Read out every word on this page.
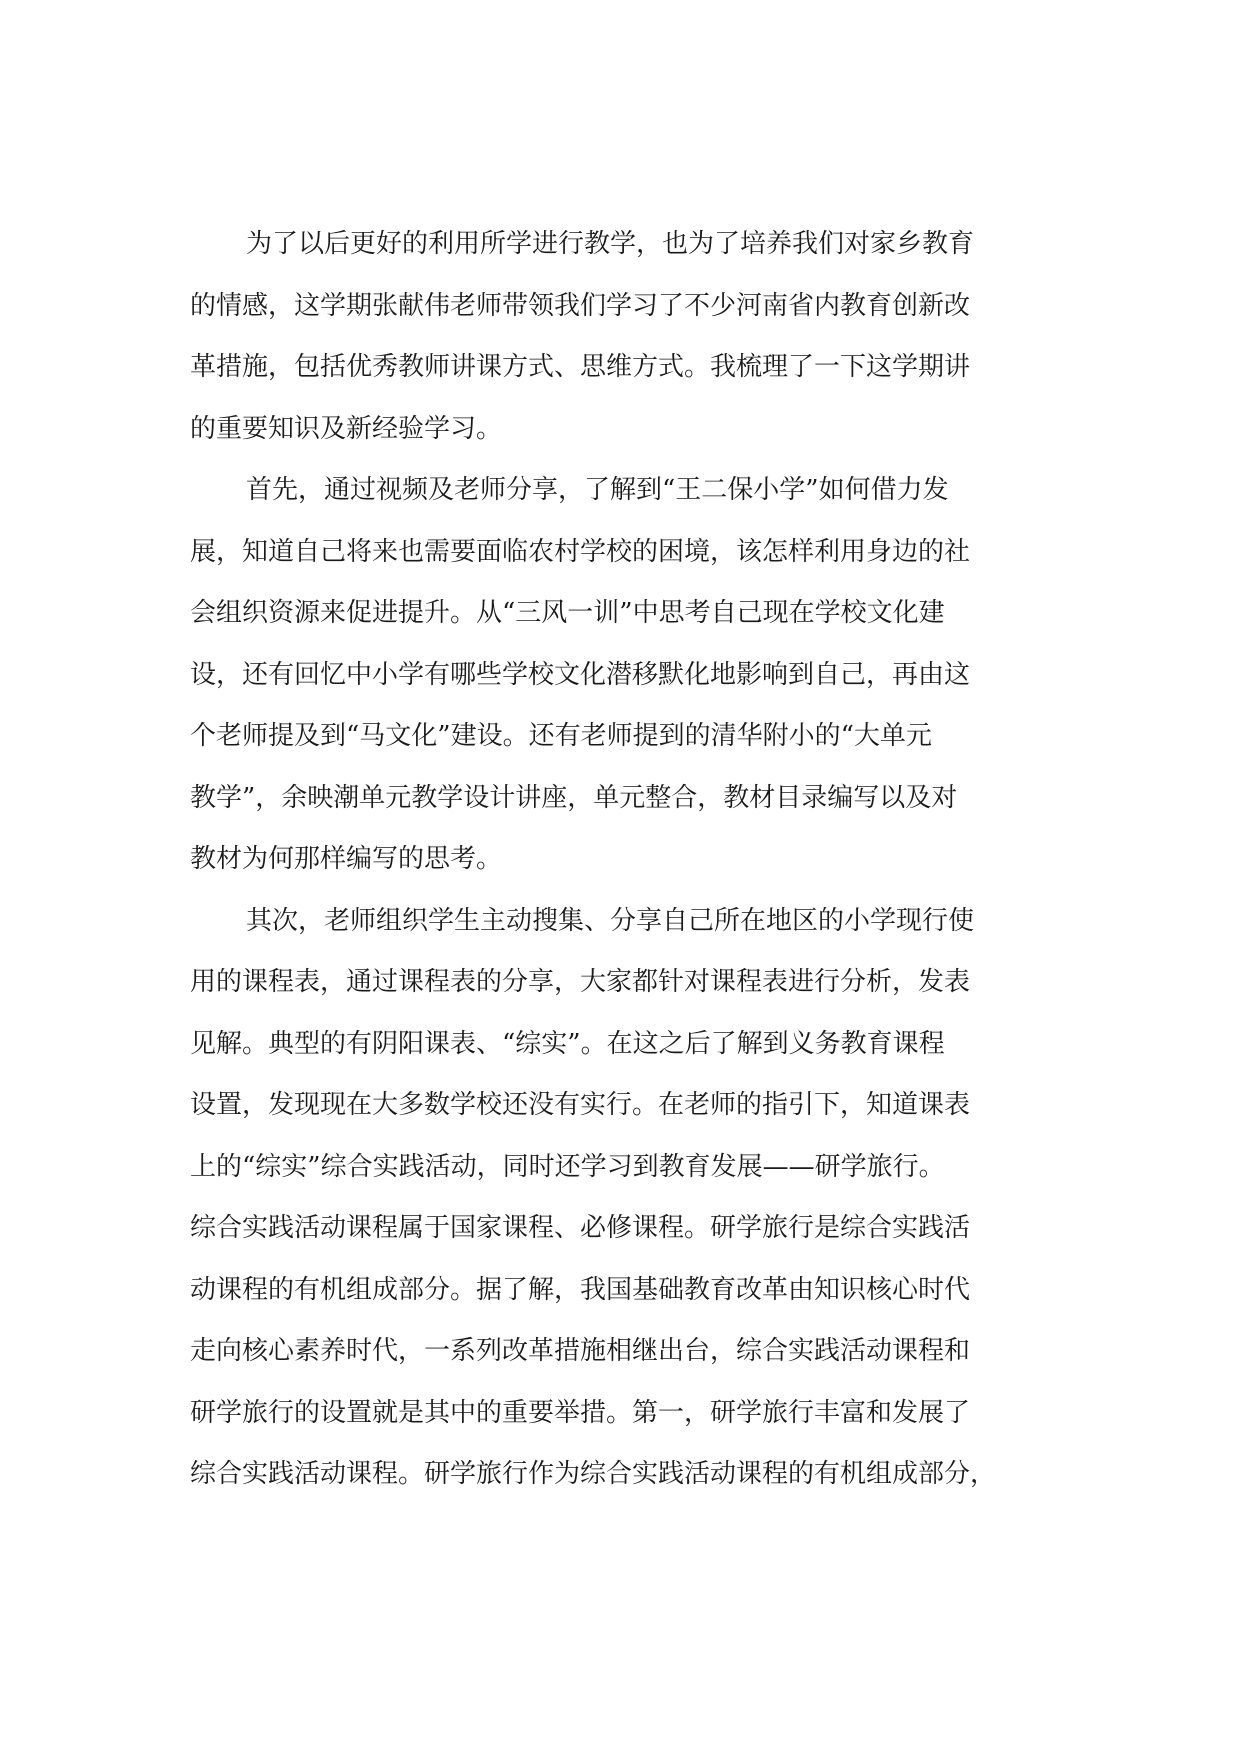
为了以后更好的利用所学进行教学，也为了培养我们对家乡教育
的情感，这学期张献伟老师带领我们学习了不少河南省内教育创新改
革措施，包括优秀教师讲课方式、思维方式。我梳理了一下这学期讲
的重要知识及新经验学习。
首先，通过视频及老师分享，了解到“王二保小学”如何借力发
展，知道自己将来也需要面临农村学校的困境，该怎样利用身边的社
会组织资源来促进提升。从“三风一训”中思考自己现在学校文化建
设，还有回忆中小学有哪些学校文化潜移默化地影响到自己，再由这
个老师提及到“马文化”建设。还有老师提到的清华附小的“大单元
教学”，余映潮单元教学设计讲座，单元整合，教材目录编写以及对
教材为何那样编写的思考。
其次，老师组织学生主动搜集、分享自己所在地区的小学现行使
用的课程表，通过课程表的分享，大家都针对课程表进行分析，发表
见解。典型的有阴阳课表、“综实”。在这之后了解到义务教育课程
设置，发现现在大多数学校还没有实行。在老师的指引下，知道课表
上的“综实”综合实践活动，同时还学习到教育发展——研学旅行。
综合实践活动课程属于国家课程、必修课程。研学旅行是综合实践活
动课程的有机组成部分。据了解，我国基础教育改革由知识核心时代
走向核心素养时代，一系列改革措施相继出台，综合实践活动课程和
研学旅行的设置就是其中的重要举措。第一，研学旅行丰富和发展了
综合实践活动课程。研学旅行作为综合实践活动课程的有机组成部分，
